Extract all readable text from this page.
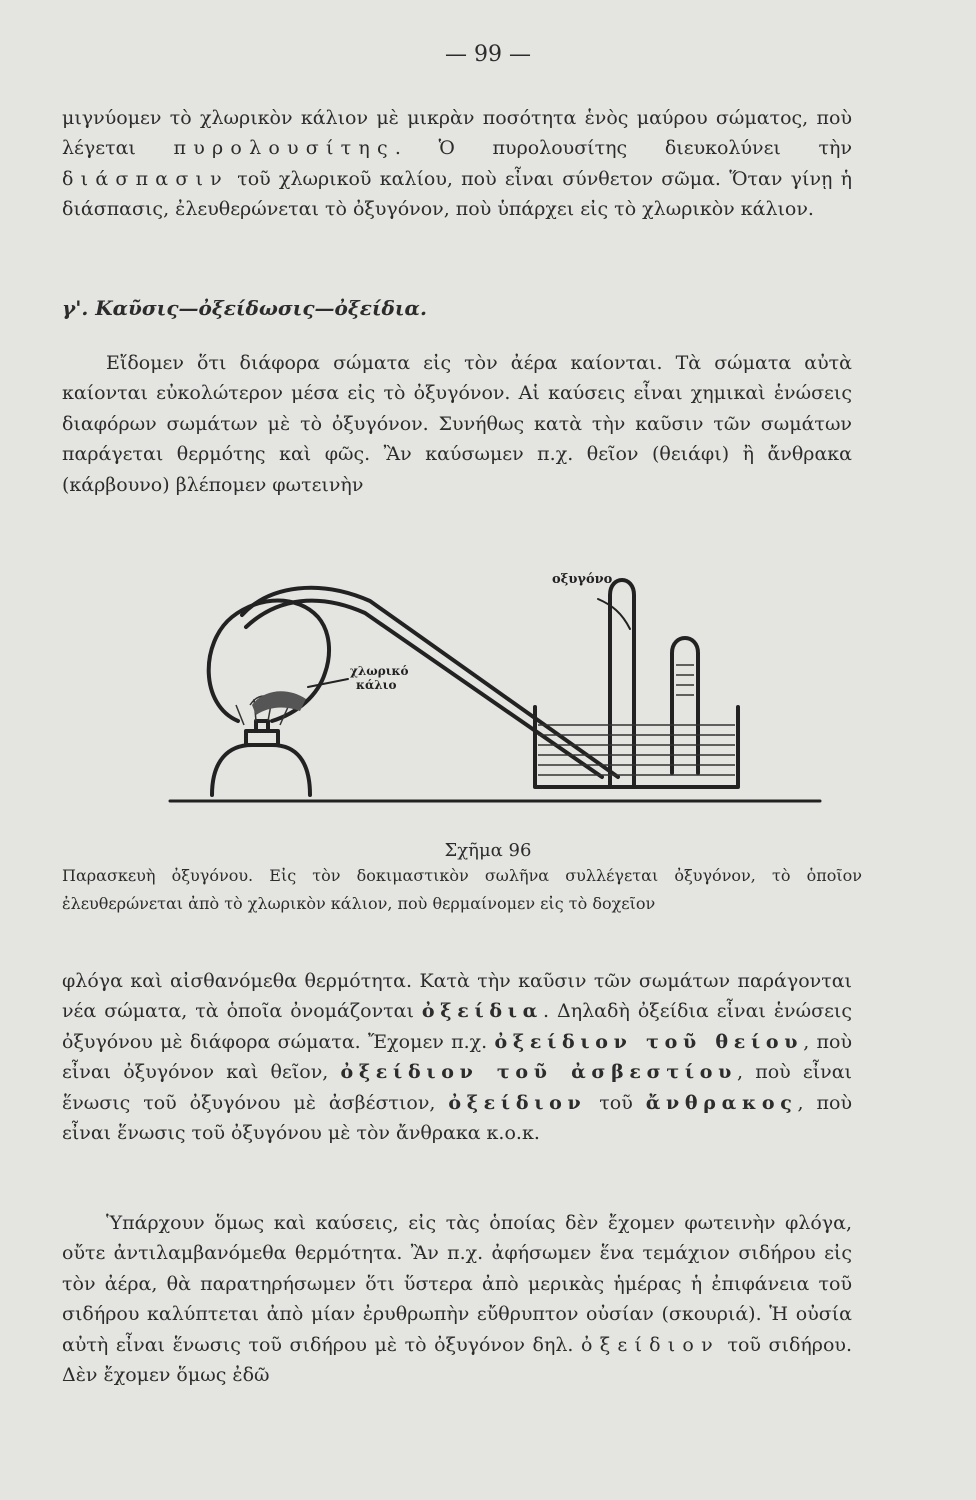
— 99 —

μιγνύομεν τὸ χλωρικὸν κάλιον μὲ μικρὰν ποσότητα ἑνὸς μαύρου σώματος, ποὺ λέγεται πυρολουσίτης. Ὁ πυρολουσίτης διευκολύνει τὴν διάσπασιν τοῦ χλωρικοῦ καλίου, ποὺ εἶναι σύνθετον σῶμα. Ὅταν γίνῃ ἡ διάσπασις, ἐλευθερώνεται τὸ ὀξυγόνον, ποὺ ὑπάρχει εἰς τὸ χλωρικὸν κάλιον.

γ'. Καῦσις—ὀξείδωσις—ὀξείδια.

Εἴδομεν ὅτι διάφορα σώματα εἰς τὸν ἀέρα καίονται. Τὰ σώματα αὐτὰ καίονται εὐκολώτερον μέσα εἰς τὸ ὀξυγόνον. Αἱ καύσεις εἶναι χημικαὶ ἑνώσεις διαφόρων σωμάτων μὲ τὸ ὀξυγόνον. Συνήθως κατὰ τὴν καῦσιν τῶν σωμάτων παράγεται θερμότης καὶ φῶς. Ἂν καύσωμεν π.χ. θεῖον (θειάφι) ἢ ἄνθρακα (κάρβουνο) βλέπομεν φωτεινὴν

οξυγόνο
χλωρικό
κάλιο
Σχῆμα 96

Παρασκευὴ ὀξυγόνου. Εἰς τὸν δοκιμαστικὸν σωλῆνα συλλέγεται ὀξυγόνον, τὸ ὁποῖον ἐλευθερώνεται ἀπὸ τὸ χλωρικὸν κάλιον, ποὺ θερμαίνομεν εἰς τὸ δοχεῖον

φλόγα καὶ αἰσθανόμεθα θερμότητα. Κατὰ τὴν καῦσιν τῶν σωμάτων παράγονται νέα σώματα, τὰ ὁποῖα ὀνομάζονται ὀξείδια. Δηλαδὴ ὀξείδια εἶναι ἑνώσεις ὀξυγόνου μὲ διάφορα σώματα. Ἔχομεν π.χ. ὀξείδιον τοῦ θείου, ποὺ εἶναι ὀξυγόνον καὶ θεῖον, ὀξείδιον τοῦ ἀσβεστίου, ποὺ εἶναι ἕνωσις τοῦ ὀξυγόνου μὲ ἀσβέστιον, ὀξείδιον τοῦ ἄνθρακος, ποὺ εἶναι ἕνωσις τοῦ ὀξυγόνου μὲ τὸν ἄνθρακα κ.ο.κ.

Ὑπάρχουν ὅμως καὶ καύσεις, εἰς τὰς ὁποίας δὲν ἔχομεν φωτεινὴν φλόγα, οὔτε ἀντιλαμβανόμεθα θερμότητα. Ἂν π.χ. ἀφήσωμεν ἕνα τεμάχιον σιδήρου εἰς τὸν ἀέρα, θὰ παρατηρήσωμεν ὅτι ὕστερα ἀπὸ μερικὰς ἡμέρας ἡ ἐπιφάνεια τοῦ σιδήρου καλύπτεται ἀπὸ μίαν ἐρυθρωπὴν εὔθρυπτον οὐσίαν (σκουριά). Ἡ οὐσία αὐτὴ εἶναι ἕνωσις τοῦ σιδήρου μὲ τὸ ὀξυγόνον δηλ. ὀξείδιον τοῦ σιδήρου. Δὲν ἔχομεν ὅμως ἐδῶ
